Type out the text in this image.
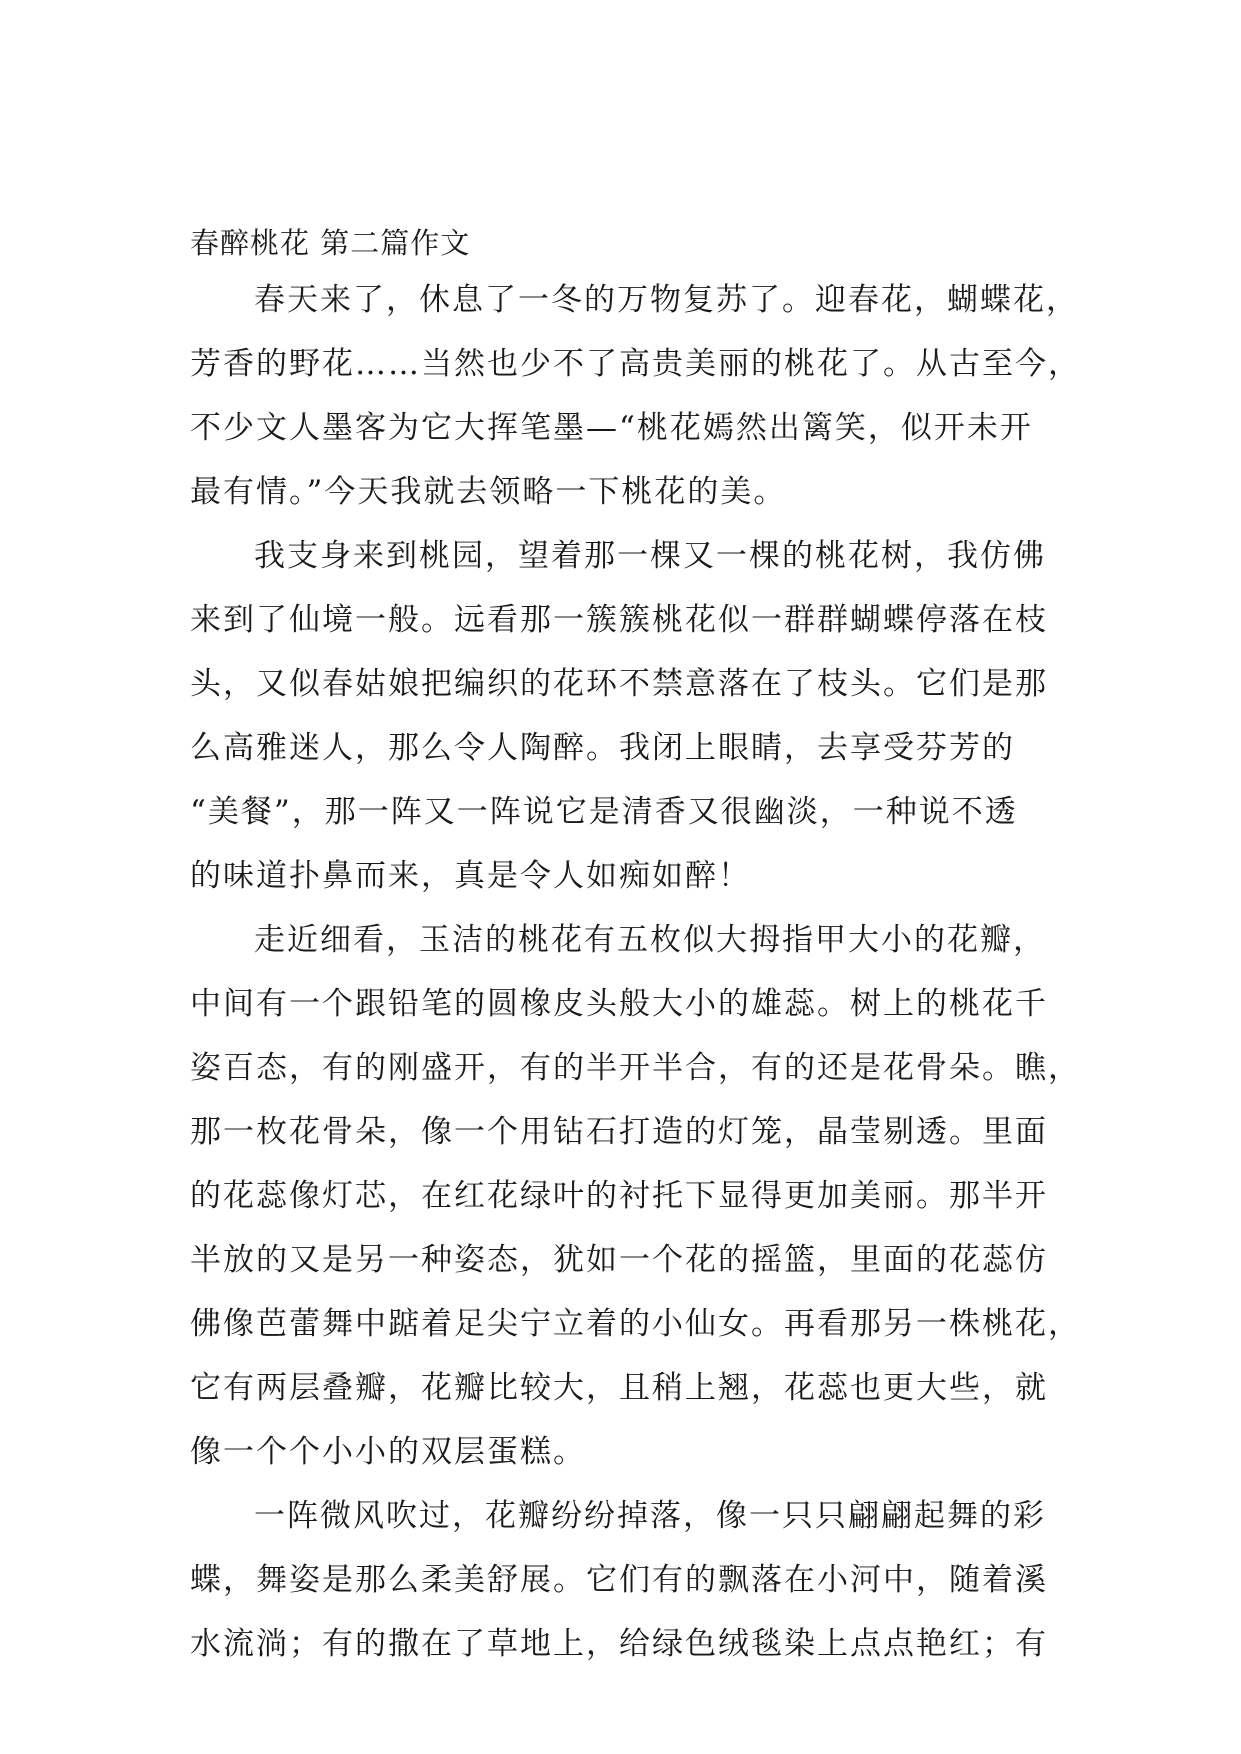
春醉桃花 第二篇作文
春天来了，休息了一冬的万物复苏了。迎春花，蝴蝶花，
芳香的野花……当然也少不了高贵美丽的桃花了。从古至今，
不少文人墨客为它大挥笔墨—“桃花嫣然出篱笑，似开未开
最有情。”今天我就去领略一下桃花的美。
我支身来到桃园，望着那一棵又一棵的桃花树，我仿佛
来到了仙境一般。远看那一簇簇桃花似一群群蝴蝶停落在枝
头，又似春姑娘把编织的花环不禁意落在了枝头。它们是那
么高雅迷人，那么令人陶醉。我闭上眼睛，去享受芬芳的
“美餐”，那一阵又一阵说它是清香又很幽淡，一种说不透
的味道扑鼻而来，真是令人如痴如醉！
走近细看，玉洁的桃花有五枚似大拇指甲大小的花瓣，
中间有一个跟铅笔的圆橡皮头般大小的雄蕊。树上的桃花千
姿百态，有的刚盛开，有的半开半合，有的还是花骨朵。瞧，
那一枚花骨朵，像一个用钻石打造的灯笼，晶莹剔透。里面
的花蕊像灯芯，在红花绿叶的衬托下显得更加美丽。那半开
半放的又是另一种姿态，犹如一个花的摇篮，里面的花蕊仿
佛像芭蕾舞中踮着足尖宁立着的小仙女。再看那另一株桃花，
它有两层叠瓣，花瓣比较大，且稍上翘，花蕊也更大些，就
像一个个小小的双层蛋糕。
一阵微风吹过，花瓣纷纷掉落，像一只只翩翩起舞的彩
蝶，舞姿是那么柔美舒展。它们有的飘落在小河中，随着溪
水流淌；有的撒在了草地上，给绿色绒毯染上点点艳红；有
